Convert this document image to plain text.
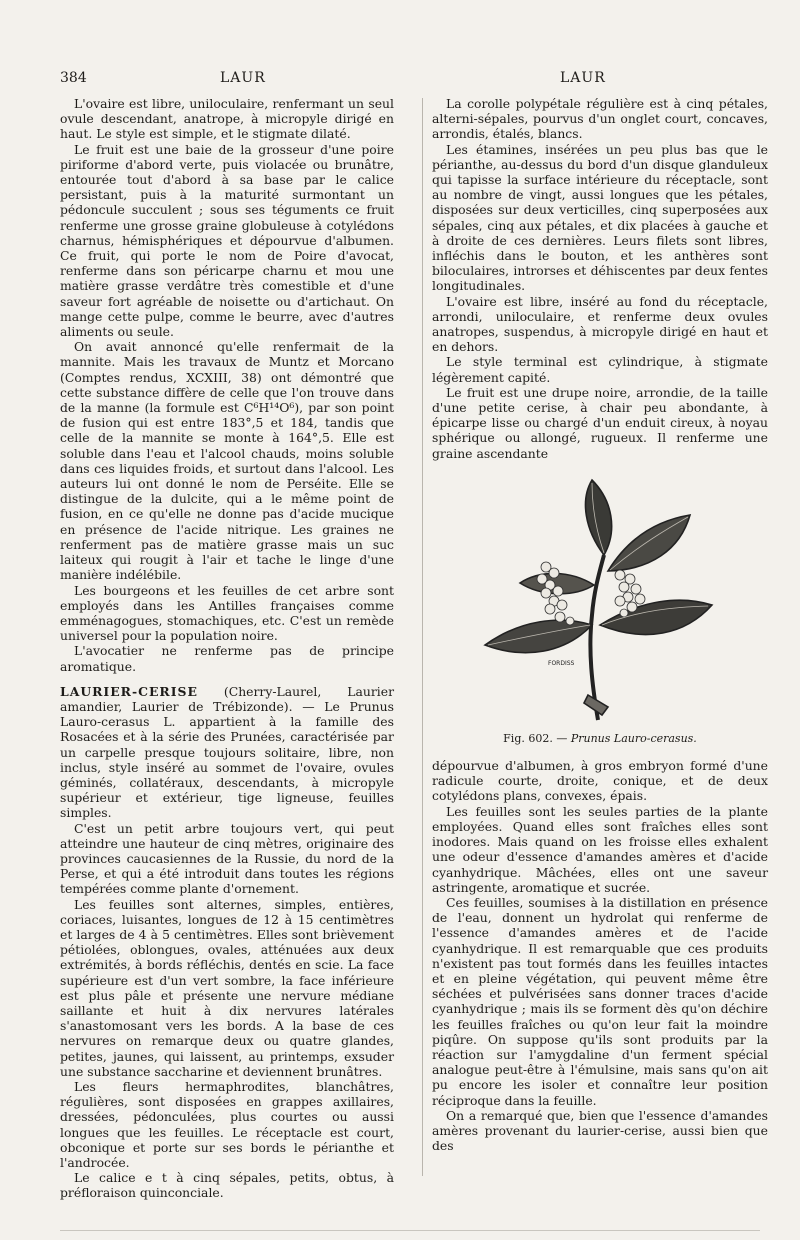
384	LAUR	LAUR

L'ovaire est libre, uniloculaire, renfermant un seul ovule descendant, anatrope, à micropyle dirigé en haut. Le style est simple, et le stigmate dilaté.

Le fruit est une baie de la grosseur d'une poire piriforme d'abord verte, puis violacée ou brunâtre, entourée tout d'abord à sa base par le calice persistant, puis à la maturité surmontant un pédoncule succulent ; sous ses téguments ce fruit renferme une grosse graine globuleuse à cotylédons charnus, hémisphériques et dépourvue d'albumen. Ce fruit, qui porte le nom de Poire d'avocat, renferme dans son péricarpe charnu et mou une matière grasse verdâtre très comestible et d'une saveur fort agréable de noisette ou d'artichaut. On mange cette pulpe, comme le beurre, avec d'autres aliments ou seule.

On avait annoncé qu'elle renfermait de la mannite. Mais les travaux de Muntz et Morcano (Comptes rendus, XCXIII, 38) ont démontré que cette substance diffère de celle que l'on trouve dans de la manne (la formule est C⁶H¹⁴O⁶), par son point de fusion qui est entre 183°,5 et 184, tandis que celle de la mannite se monte à 164°,5. Elle est soluble dans l'eau et l'alcool chauds, moins soluble dans ces liquides froids, et surtout dans l'alcool. Les auteurs lui ont donné le nom de Perséite. Elle se distingue de la dulcite, qui a le même point de fusion, en ce qu'elle ne donne pas d'acide mucique en présence de l'acide nitrique. Les graines ne renferment pas de matière grasse mais un suc laiteux qui rougit à l'air et tache le linge d'une manière indélébile.

Les bourgeons et les feuilles de cet arbre sont employés dans les Antilles françaises comme emménagogues, stomachiques, etc. C'est un remède universel pour la population noire.

L'avocatier ne renferme pas de principe aromatique.

LAURIER-CERISE (Cherry-Laurel, Laurier amandier, Laurier de Trébizonde). — Le Prunus Lauro-cerasus L. appartient à la famille des Rosacées et à la série des Prunées, caractérisée par un carpelle presque toujours solitaire, libre, non inclus, style inséré au sommet de l'ovaire, ovules géminés, collatéraux, descendants, à micropyle supérieur et extérieur, tige ligneuse, feuilles simples.

C'est un petit arbre toujours vert, qui peut atteindre une hauteur de cinq mètres, originaire des provinces caucasiennes de la Russie, du nord de la Perse, et qui a été introduit dans toutes les régions tempérées comme plante d'ornement.

Les feuilles sont alternes, simples, entières, coriaces, luisantes, longues de 12 à 15 centimètres et larges de 4 à 5 centimètres. Elles sont brièvement pétiolées, oblongues, ovales, atténuées aux deux extrémités, à bords réfléchis, dentés en scie. La face supérieure est d'un vert sombre, la face inférieure est plus pâle et présente une nervure médiane saillante et huit à dix nervures latérales s'anastomosant vers les bords. A la base de ces nervures on remarque deux ou quatre glandes, petites, jaunes, qui laissent, au printemps, exsuder une substance saccharine et deviennent brunâtres.

Les fleurs hermaphrodites, blanchâtres, régulières, sont disposées en grappes axillaires, dressées, pédonculées, plus courtes ou aussi longues que les feuilles. Le réceptacle est court, obconique et porte sur ses bords le périanthe et l'androcée.

Le calice e t à cinq sépales, petits, obtus, à préfloraison quinconciale.

La corolle polypétale régulière est à cinq pétales, alterni-sépales, pourvus d'un onglet court, concaves, arrondis, étalés, blancs.

Les étamines, insérées un peu plus bas que le périanthe, au-dessus du bord d'un disque glanduleux qui tapisse la surface intérieure du réceptacle, sont au nombre de vingt, aussi longues que les pétales, disposées sur deux verticilles, cinq superposées aux sépales, cinq aux pétales, et dix placées à gauche et à droite de ces dernières. Leurs filets sont libres, infléchis dans le bouton, et les anthères sont biloculaires, introrses et déhiscentes par deux fentes longitudinales.

L'ovaire est libre, inséré au fond du réceptacle, arrondi, uniloculaire, et renferme deux ovules anatropes, suspendus, à micropyle dirigé en haut et en dehors.

Le style terminal est cylindrique, à stigmate légèrement capité.

Le fruit est une drupe noire, arrondie, de la taille d'une petite cerise, à chair peu abondante, à épicarpe lisse ou chargé d'un enduit cireux, à noyau sphérique ou allongé, rugueux. Il renferme une graine ascendante

FORDISS
Fig. 602. — Prunus Lauro-cerasus.

dépourvue d'albumen, à gros embryon formé d'une radicule courte, droite, conique, et de deux cotylédons plans, convexes, épais.

Les feuilles sont les seules parties de la plante employées. Quand elles sont fraîches elles sont inodores. Mais quand on les froisse elles exhalent une odeur d'essence d'amandes amères et d'acide cyanhydrique. Mâchées, elles ont une saveur astringente, aromatique et sucrée.

Ces feuilles, soumises à la distillation en présence de l'eau, donnent un hydrolat qui renferme de l'essence d'amandes amères et de l'acide cyanhydrique. Il est remarquable que ces produits n'existent pas tout formés dans les feuilles intactes et en pleine végétation, qui peuvent même être séchées et pulvérisées sans donner traces d'acide cyanhydrique ; mais ils se forment dès qu'on déchire les feuilles fraîches ou qu'on leur fait la moindre piqûre. On suppose qu'ils sont produits par la réaction sur l'amygdaline d'un ferment spécial analogue peut-être à l'émulsine, mais sans qu'on ait pu encore les isoler et connaître leur position réciproque dans la feuille.

On a remarqué que, bien que l'essence d'amandes amères provenant du laurier-cerise, aussi bien que des
